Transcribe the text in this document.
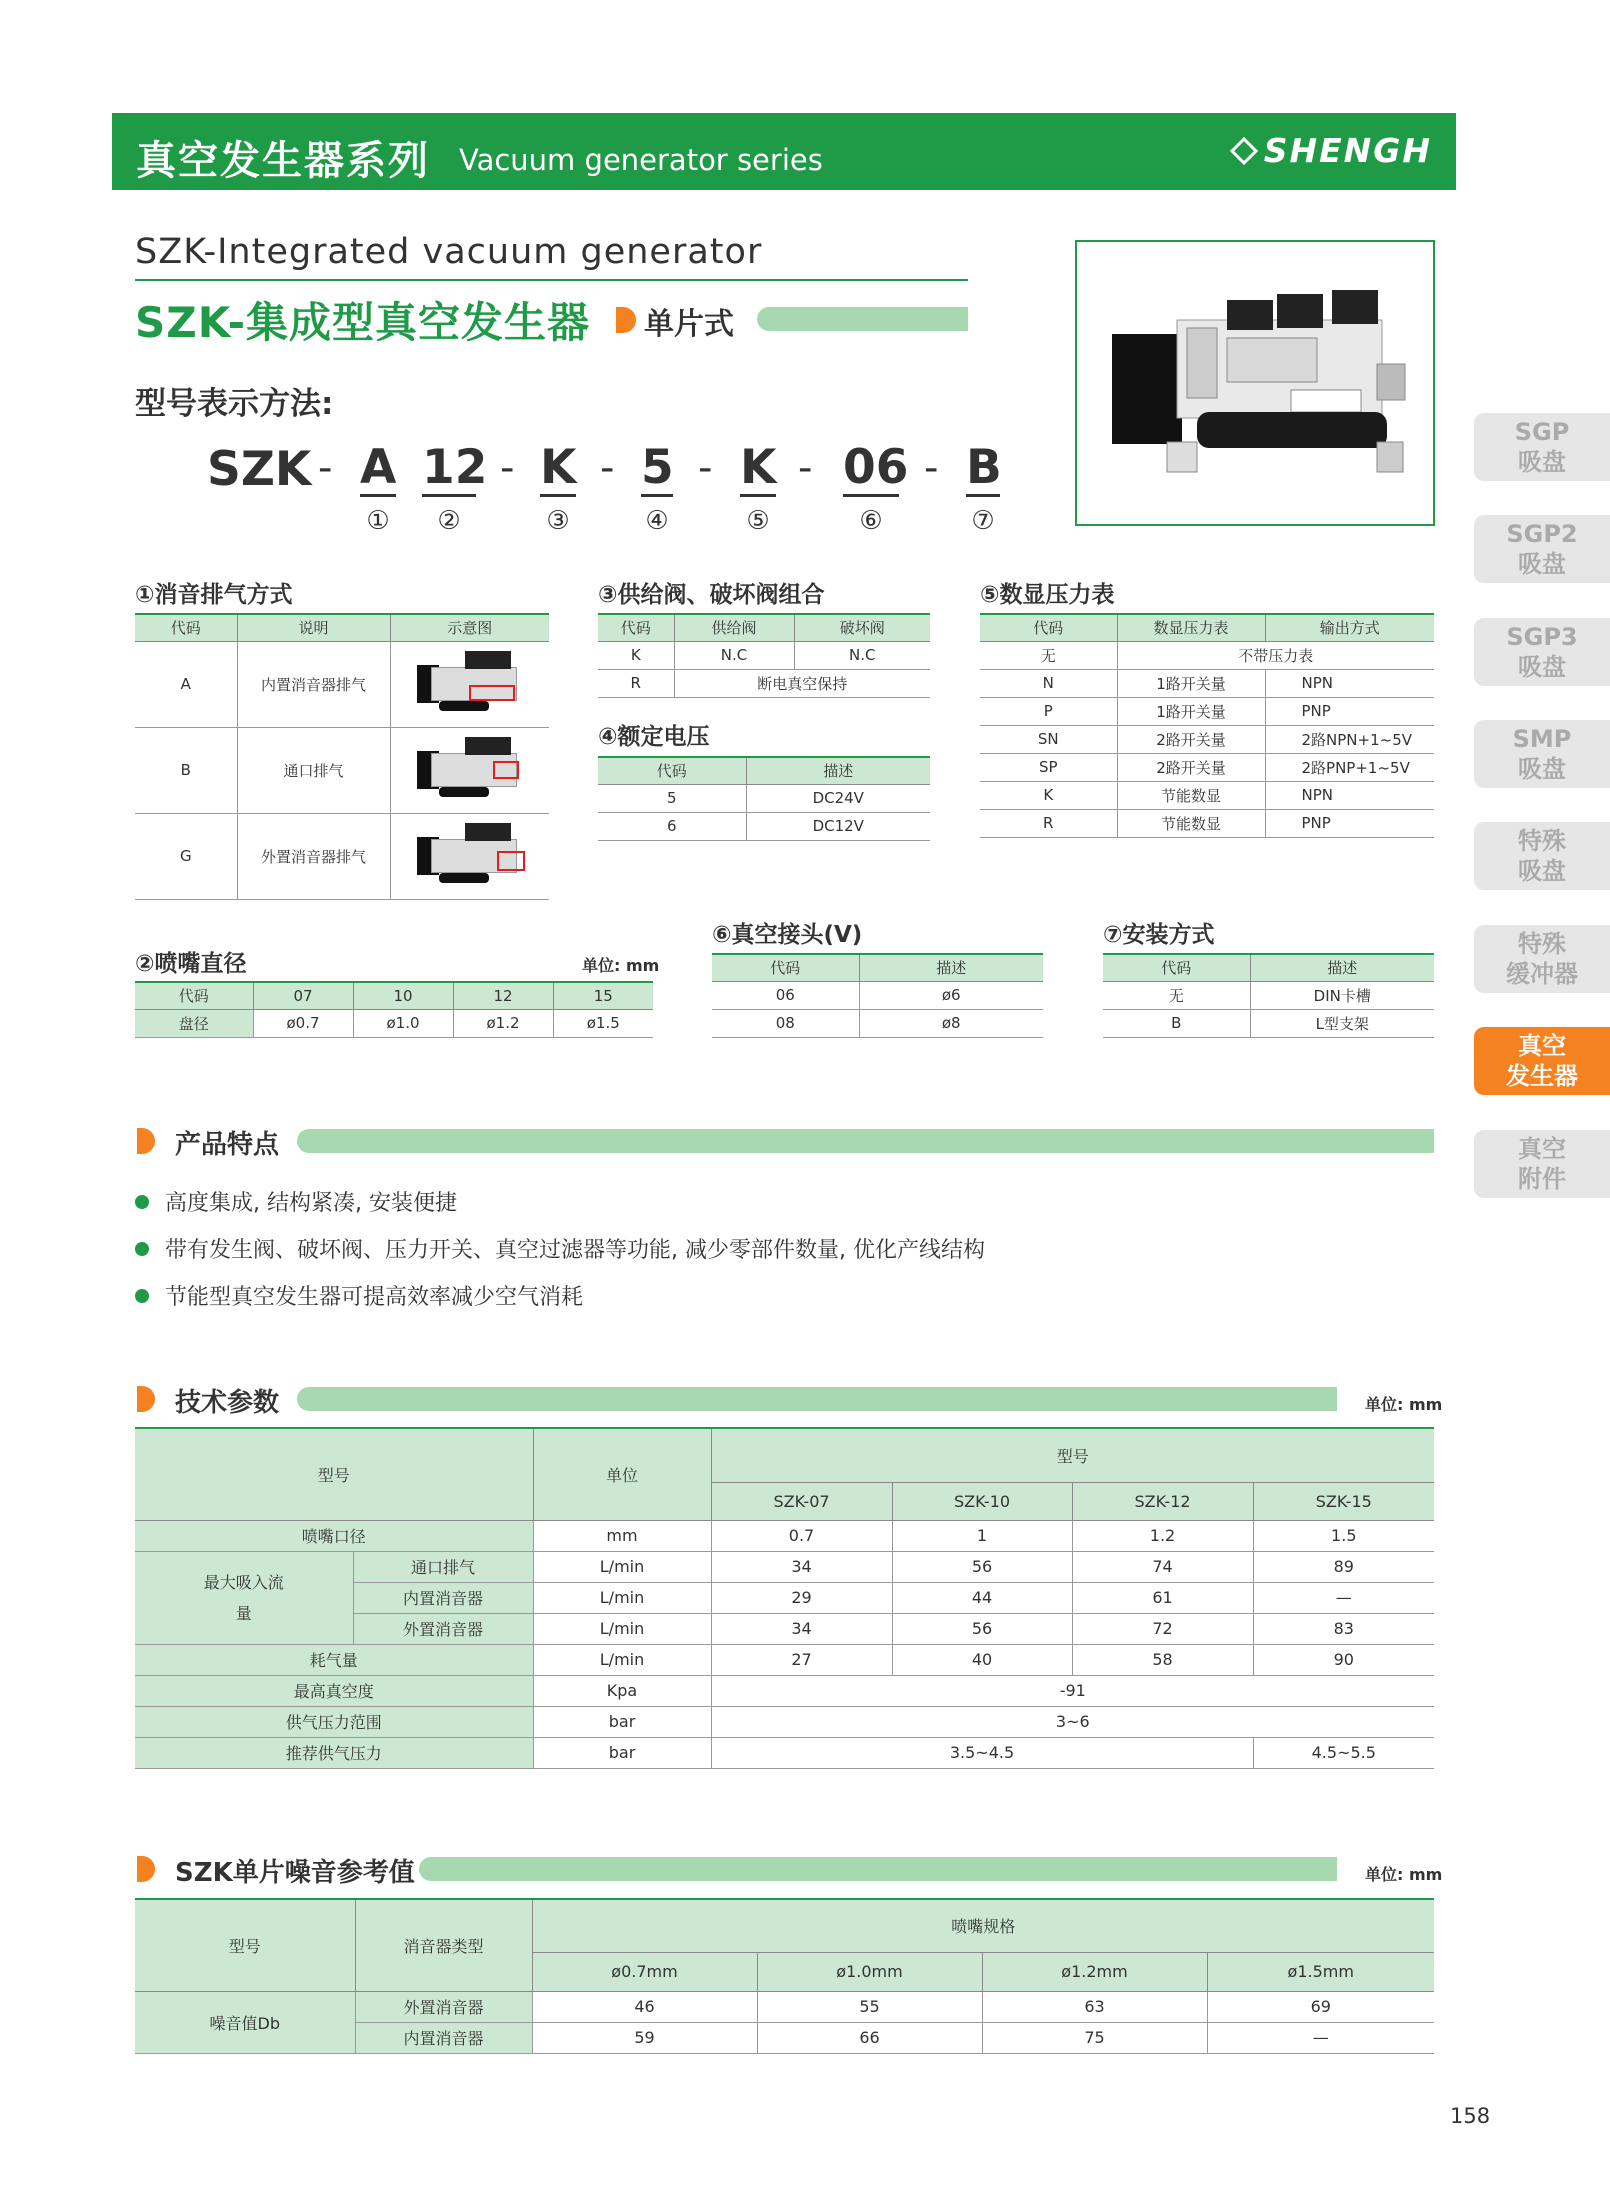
真空发生器系列 Vacuum generator series	SHENGH
SZK-Integrated vacuum generator
SZK-集成型真空发生器 单片式
SGP
吸盘
SGP2
吸盘
SGP3
吸盘
SMP
吸盘
特殊
吸盘
特殊
缓冲器
真空
发生器
真空
附件
型号表示方法:
SZK - A 12 - K - 5 - K - 06 - B
①	②	③	④	⑤	⑥	⑦
①消音排气方式
代码	说明	示意图
A	内置消音器排气	

B	通口排气	

G	外置消音器排气	
②喷嘴直径	单位: mm
代码	07	10	12	15
盘径	ø0.7	ø1.0	ø1.2	ø1.5
③供给阀、破坏阀组合
代码	供给阀	破坏阀
K	N.C	N.C
R	断电真空保持	
④额定电压
代码	描述
5	DC24V
6	DC12V
⑤数显压力表
代码	数显压力表	输出方式
无	不带压力表	
N	1路开关量	NPN
P	1路开关量	PNP
SN	2路开关量	2路NPN+1~5V
SP	2路开关量	2路PNP+1~5V
K	节能数显	NPN
R	节能数显	PNP
⑥真空接头(V)
代码	描述
06	ø6
08	ø8
⑦安装方式
代码	描述
无	DIN卡槽
B	L型支架
产品特点
高度集成, 结构紧凑, 安装便捷
带有发生阀、破坏阀、压力开关、真空过滤器等功能, 减少零部件数量, 优化产线结构
节能型真空发生器可提高效率减少空气消耗
技术参数	单位: mm
型号		单位	型号			
			SZK-07	SZK-10	SZK-12	SZK-15
喷嘴口径		mm	0.7	1	1.2	1.5
最大吸入流量	通口排气	L/min	34	56	74	89
	内置消音器	L/min	29	44	61	—
	外置消音器	L/min	34	56	72	83
耗气量		L/min	27	40	58	90
最高真空度		Kpa	-91			
供气压力范围		bar	3~6			
推荐供气压力		bar	3.5~4.5			4.5~5.5
SZK单片噪音参考值	单位: mm
型号	消音器类型	喷嘴规格			
		ø0.7mm	ø1.0mm	ø1.2mm	ø1.5mm
噪音值Db	外置消音器	46	55	63	69
	内置消音器	59	66	75	—
158
